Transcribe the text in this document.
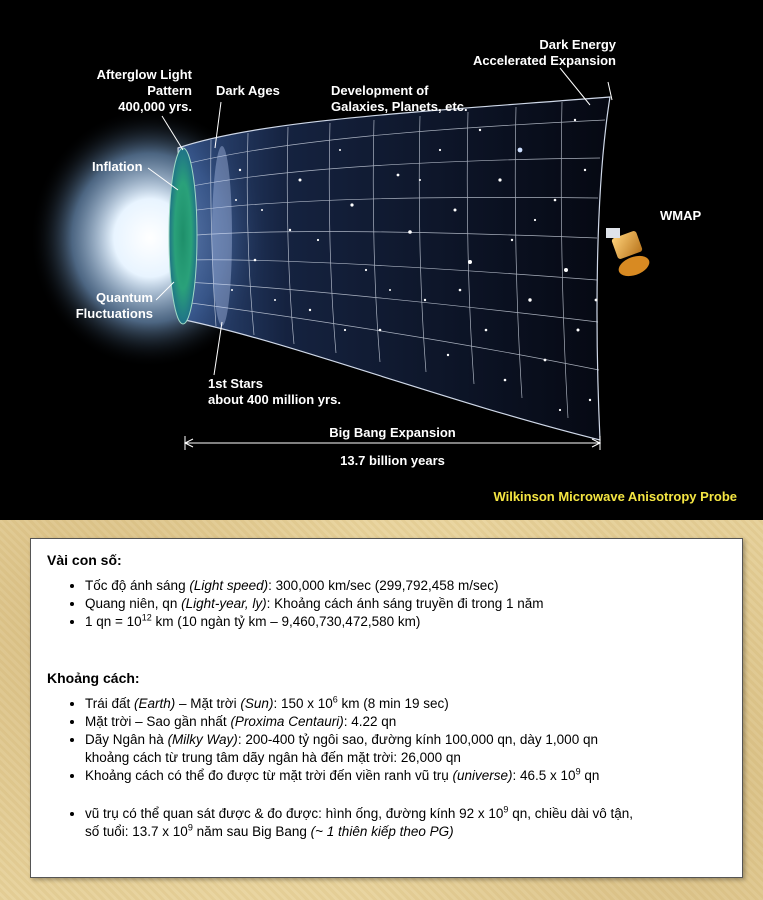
Afterglow Light
Pattern
400,000 yrs.
Dark Ages	Development of
Galaxies, Planets, etc.
Dark Energy
Accelerated Expansion
Inflation
WMAP
Quantum
Fluctuations
1st Stars
about 400 million yrs.
Big Bang Expansion
13.7 billion years
Wilkinson Microwave Anisotropy Probe
Vài con số:
• Tốc độ ánh sáng (Light speed): 300,000 km/sec (299,792,458 m/sec)
• Quang niên, qn (Light-year, ly): Khoảng cách ánh sáng truyền đi trong 1 năm
• 1 qn = $10^{12}$ km (10 ngàn tỷ km – 9,460,730,472,580 km)
Khoảng cách:
• Trái đất (Earth) – Mặt trời (Sun): 150 x $10^6$ km (8 min 19 sec)
• Mặt trời – Sao gần nhất (Proxima Centauri): 4.22 qn
• Dãy Ngân hà (Milky Way): 200-400 tỷ ngôi sao, đường kính 100,000 qn, dày 1,000 qn
khoảng cách từ trung tâm dãy ngân hà đến mặt trời: 26,000 qn
• Khoảng cách có thể đo được từ mặt trời đến viền ranh vũ trụ (universe): 46.5 x $10^9$ qn
• vũ trụ có thể quan sát được & đo được: hình ống, đường kính 92 x $10^9$ qn, chiều dài vô tận,
số tuổi: 13.7 x $10^9$ năm sau Big Bang (~ 1 thiên kiếp theo PG)
